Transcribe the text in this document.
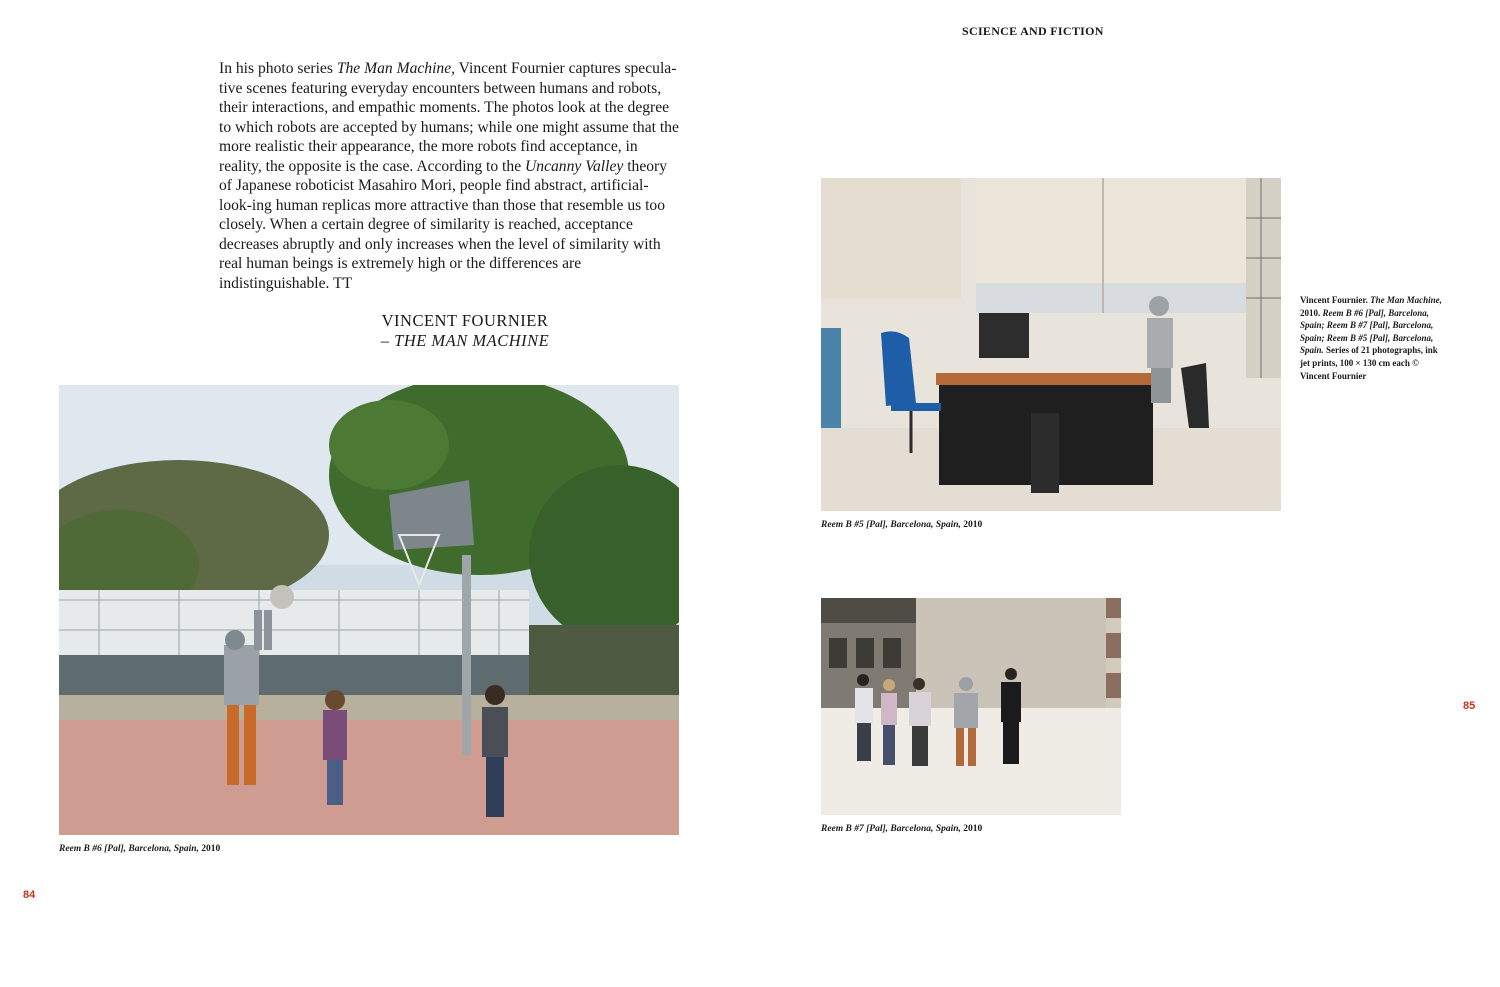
SCIENCE AND FICTION

In his photo series The Man Machine, Vincent Fournier captures specula-tive scenes featuring everyday encounters between humans and robots, their interactions, and empathic moments. The photos look at the degree to which robots are accepted by humans; while one might assume that the more realistic their appearance, the more robots find acceptance, in reality, the opposite is the case. According to the Uncanny Valley theory of Japanese roboticist Masahiro Mori, people find abstract, artificial-look-ing human replicas more attractive than those that resemble us too closely. When a certain degree of similarity is reached, acceptance decreases abruptly and only increases when the level of similarity with real human beings is extremely high or the differences are indistinguishable. TT

VINCENT FOURNIER
– THE MAN MACHINE
Reem B #6 [Pal], Barcelona, Spain, 2010
Reem B #5 [Pal], Barcelona, Spain, 2010
Reem B #7 [Pal], Barcelona, Spain, 2010
Vincent Fournier. The Man Machine, 2010. Reem B #6 [Pal], Barcelona, Spain; Reem B #7 [Pal], Barcelona, Spain; Reem B #5 [Pal], Barcelona, Spain. Series of 21 photographs, ink jet prints, 100 × 130 cm each © Vincent Fournier
84
85
